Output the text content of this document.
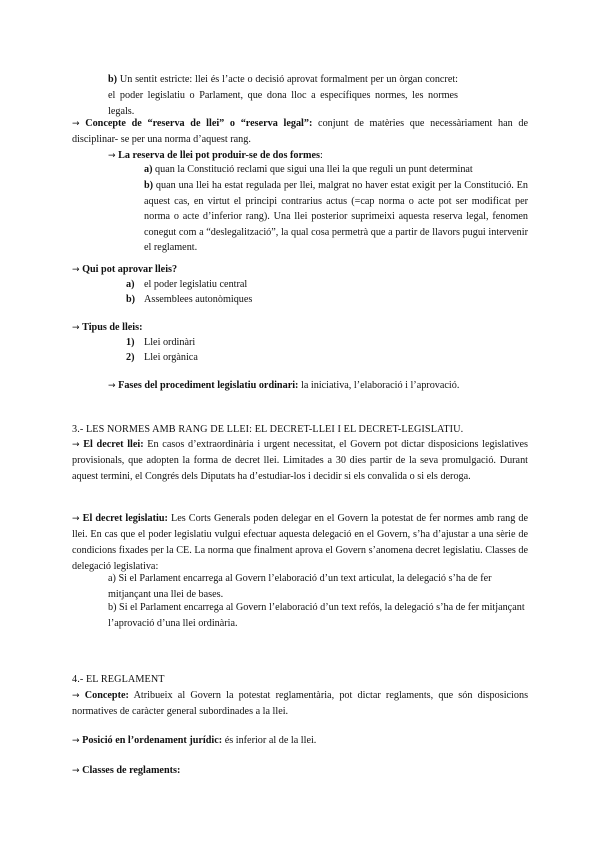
b) Un sentit estricte: llei és l’acte o decisió aprovat formalment per un òrgan concret: el poder legislatiu o Parlament, que dona lloc a específiques normes, les normes legals.

→ Concepte de “reserva de llei” o “reserva legal”: conjunt de matèries que necessàriament han de disciplinar- se per una norma d’aquest rang.

→ La reserva de llei pot produir-se de dos formes:

a) quan la Constitució reclami que sigui una llei la que reguli un punt determinat

b) quan una llei ha estat regulada per llei, malgrat no haver estat exigit per la Constitució. En aquest cas, en virtut el principi contrarius actus (=cap norma o acte pot ser modificat per norma o acte d’inferior rang). Una llei posterior suprimeixi aquesta reserva legal, fenomen conegut com a “deslegalització”, la qual cosa permetrà que a partir de llavors pugui intervenir el reglament.

→ Qui pot aprovar lleis?

a) el poder legislatiu central

b) Assemblees autonòmiques

→ Tipus de lleis:

1) Llei ordinàri

2) Llei orgànica

→ Fases del procediment legislatiu ordinari: la iniciativa, l’elaboració i l’aprovació.

3.- LES NORMES AMB RANG DE LLEI: EL DECRET-LLEI I EL DECRET-LEGISLATIU.

→ El decret llei: En casos d’extraordinària i urgent necessitat, el Govern pot dictar disposicions legislatives provisionals, que adopten la forma de decret llei. Limitades a 30 dies partir de la seva promulgació. Durant aquest termini, el Congrés dels Diputats ha d’estudiar-los i decidir si els convalida o si els deroga.

→ El decret legislatiu: Les Corts Generals poden delegar en el Govern la potestat de fer normes amb rang de llei. En cas que el poder legislatiu vulgui efectuar aquesta delegació en el Govern, s’ha d’ajustar a una sèrie de condicions fixades per la CE. La norma que finalment aprova el Govern s’anomena decret legislatiu. Classes de delegació legislativa:

a) Si el Parlament encarrega al Govern l’elaboració d’un text articulat, la delegació s’ha de fer mitjançant una llei de bases.

b) Si el Parlament encarrega al Govern l’elaboració d’un text refós, la delegació s’ha de fer mitjançant l’aprovació d’una llei ordinària.

4.- EL REGLAMENT

→ Concepte: Atribueix al Govern la potestat reglamentària, pot dictar reglaments, que són disposicions normatives de caràcter general subordinades a la llei.

→ Posició en l’ordenament jurídic: és inferior al de la llei.

→ Classes de reglaments:
